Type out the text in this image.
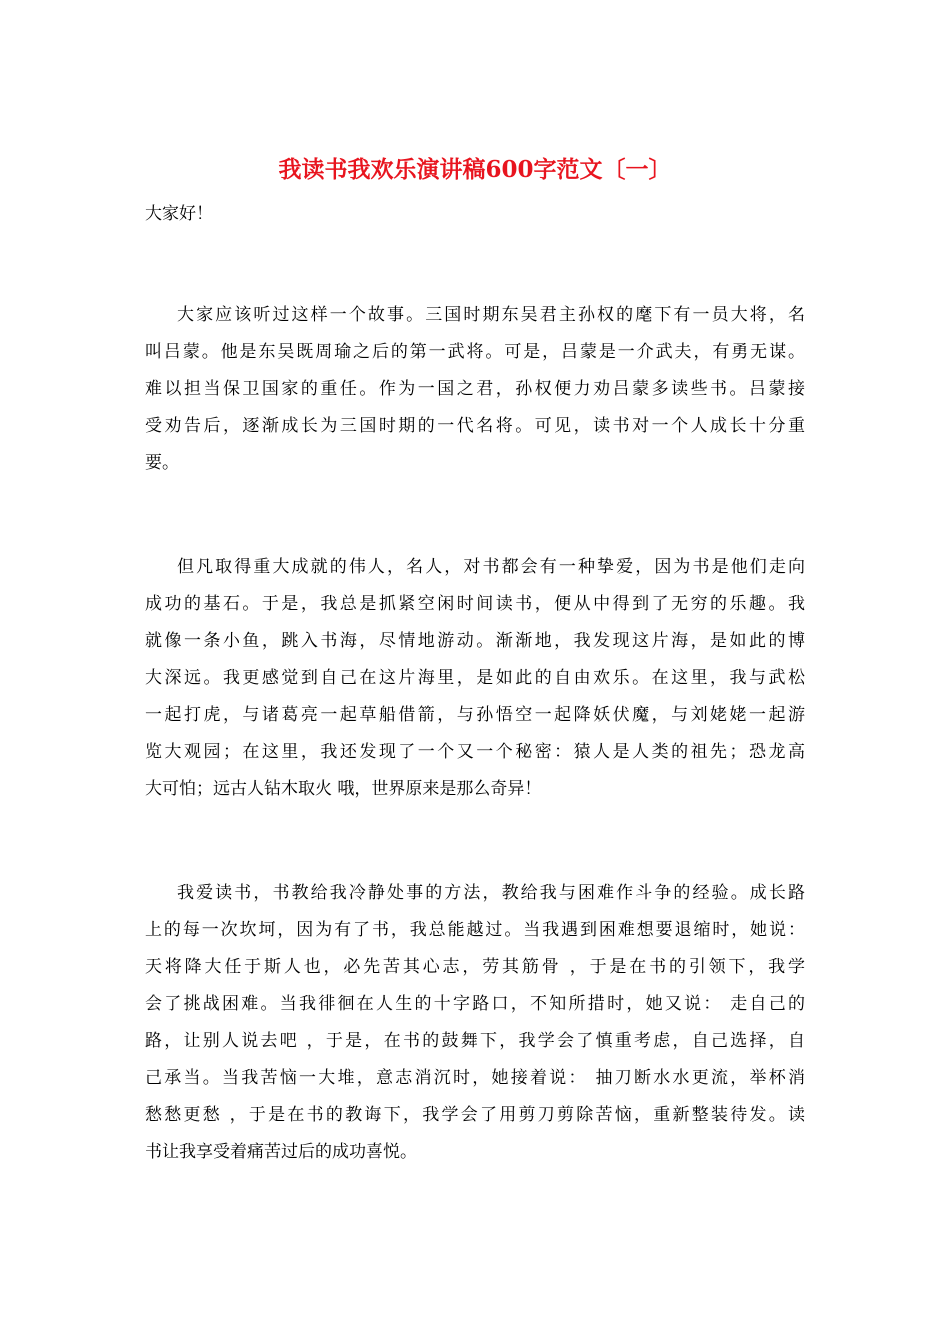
我读书我欢乐演讲稿600字范文〔一〕
大家好！
大家应该听过这样一个故事。三国时期东吴君主孙权的麾下有一员大将，名
叫吕蒙。他是东吴既周瑜之后的第一武将。可是，吕蒙是一介武夫，有勇无谋。
难以担当保卫国家的重任。作为一国之君，孙权便力劝吕蒙多读些书。吕蒙接
受劝告后，逐渐成长为三国时期的一代名将。可见，读书对一个人成长十分重
要。
但凡取得重大成就的伟人，名人，对书都会有一种挚爱，因为书是他们走向
成功的基石。于是，我总是抓紧空闲时间读书，便从中得到了无穷的乐趣。我
就像一条小鱼，跳入书海，尽情地游动。渐渐地，我发现这片海，是如此的博
大深远。我更感觉到自己在这片海里，是如此的自由欢乐。在这里，我与武松
一起打虎，与诸葛亮一起草船借箭，与孙悟空一起降妖伏魔，与刘姥姥一起游
览大观园；在这里，我还发现了一个又一个秘密：猿人是人类的祖先；恐龙高
大可怕；远古人钻木取火 哦，世界原来是那么奇异！
我爱读书，书教给我冷静处事的方法，教给我与困难作斗争的经验。成长路
上的每一次坎坷，因为有了书，我总能越过。当我遇到困难想要退缩时，她说：
天将降大任于斯人也，必先苦其心志，劳其筋骨 ，于是在书的引领下，我学
会了挑战困难。当我徘徊在人生的十字路口，不知所措时，她又说： 走自己的
路，让别人说去吧 ，于是，在书的鼓舞下，我学会了慎重考虑，自己选择，自
己承当。当我苦恼一大堆，意志消沉时，她接着说： 抽刀断水水更流，举杯消
愁愁更愁 ，于是在书的教诲下，我学会了用剪刀剪除苦恼，重新整装待发。读
书让我享受着痛苦过后的成功喜悦。
